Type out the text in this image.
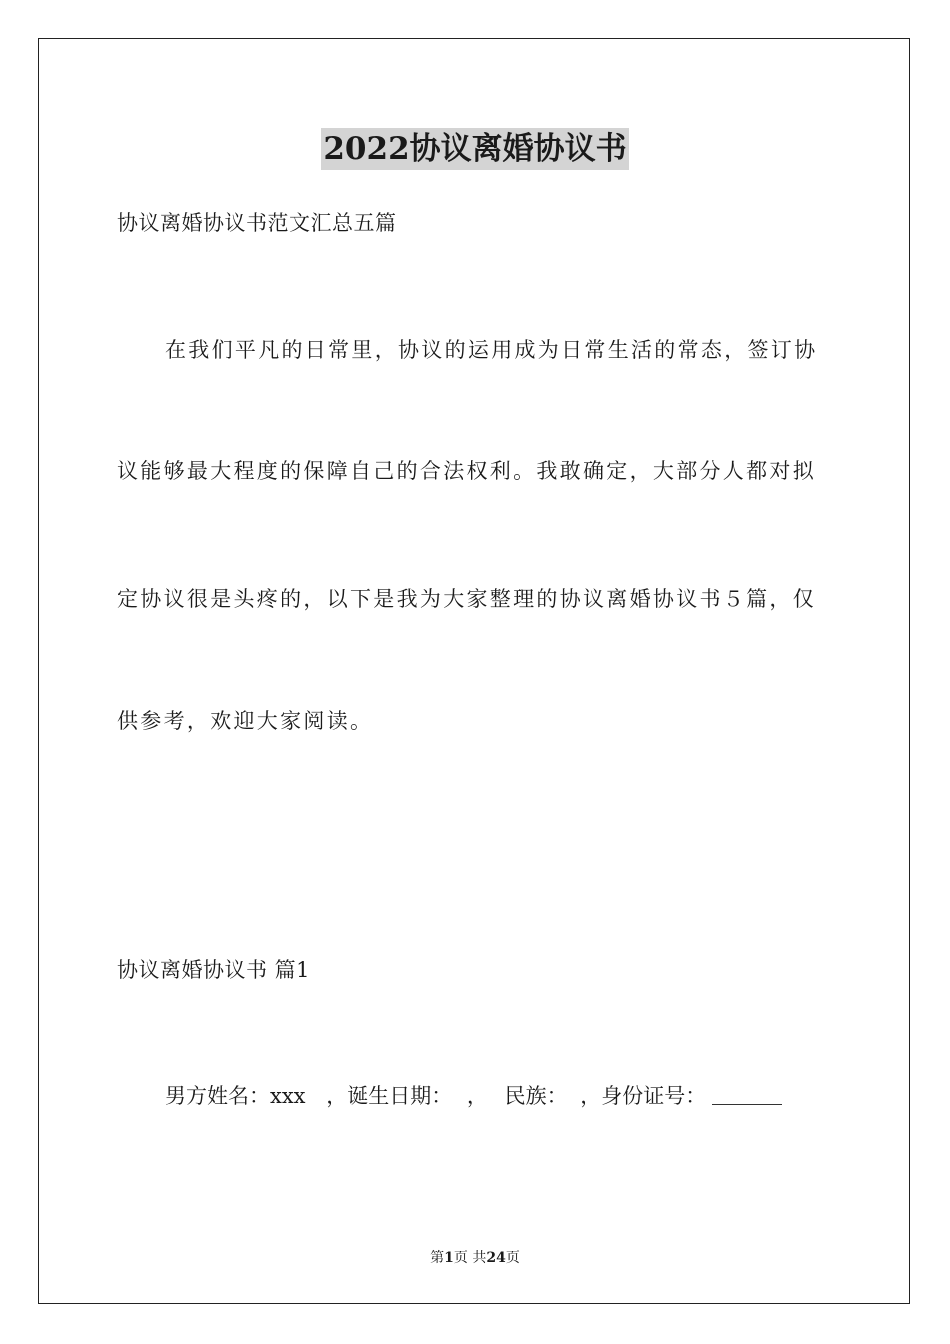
2022协议离婚协议书
协议离婚协议书范文汇总五篇
在我们平凡的日常里，协议的运用成为日常生活的常态，签订协
议能够最大程度的保障自己的合法权利。我敢确定，大部分人都对拟
定协议很是头疼的，以下是我为大家整理的协议离婚协议书５篇，仅
供参考，欢迎大家阅读。
协议离婚协议书 篇1
男方姓名：xxx ，诞生日期： ， 民族： ，身份证号：
第1页 共24页
